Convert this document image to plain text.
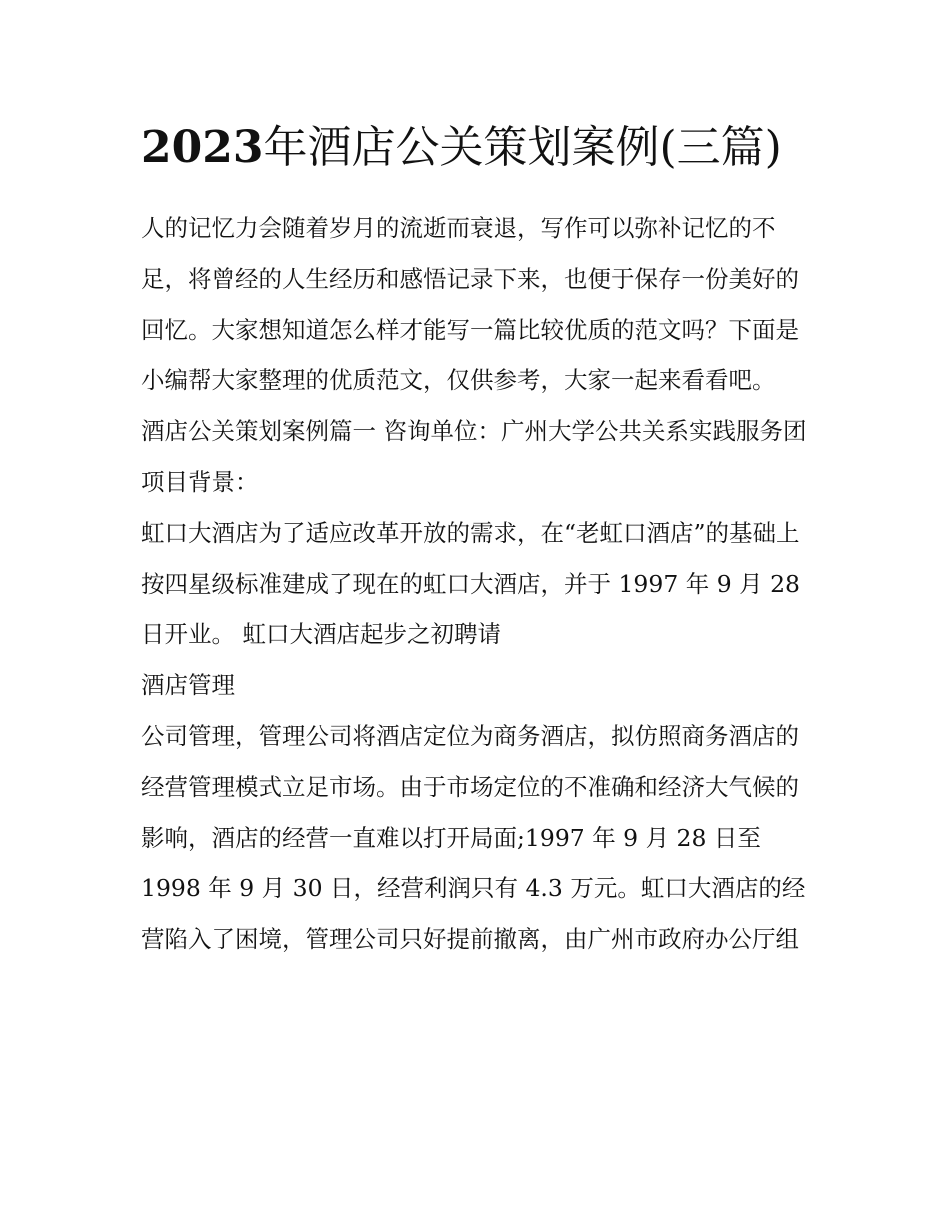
2023年酒店公关策划案例(三篇)

人的记忆力会随着岁月的流逝而衰退，写作可以弥补记忆的不足，将曾经的人生经历和感悟记录下来，也便于保存一份美好的回忆。大家想知道怎么样才能写一篇比较优质的范文吗？下面是小编帮大家整理的优质范文，仅供参考，大家一起来看看吧。

酒店公关策划案例篇一 咨询单位：广州大学公共关系实践服务团 项目背景：

虹口大酒店为了适应改革开放的需求，在“老虹口酒店”的基础上按四星级标准建成了现在的虹口大酒店，并于 1997 年 9 月 28 日开业。 虹口大酒店起步之初聘请

酒店管理

公司管理，管理公司将酒店定位为商务酒店，拟仿照商务酒店的经营管理模式立足市场。由于市场定位的不准确和经济大气候的影响，酒店的经营一直难以打开局面;1997 年 9 月 28 日至 1998 年 9 月 30 日，经营利润只有 4.3 万元。虹口大酒店的经营陷入了困境，管理公司只好提前撤离，由广州市政府办公厅组
